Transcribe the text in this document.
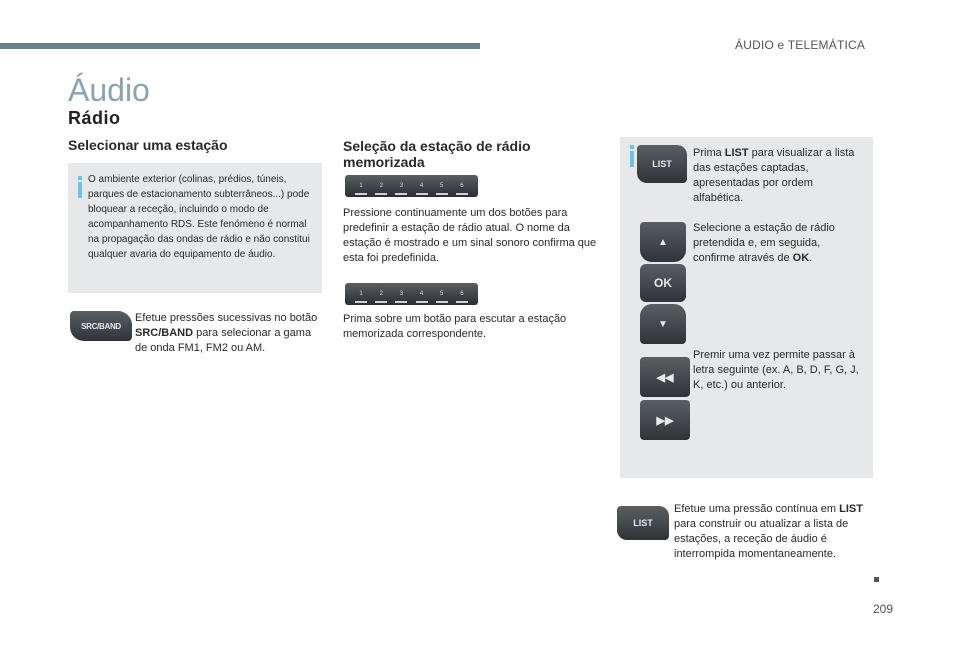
ÁUDIO e TELEMÁTICA
Áudio
Rádio
Selecionar uma estação

O ambiente exterior (colinas, prédios, túneis, parques de estacionamento subterrâneos...) pode bloquear a receção, incluindo o modo de acompanhamento RDS. Este fenómeno é normal na propagação das ondas de rádio e não constitui qualquer avaria do equipamento de áudio.

SRC/BAND

Efetue pressões sucessivas no botão SRC/BAND para selecionar a gama de onda FM1, FM2 ou AM.

Seleção da estação de rádio memorizada
1	2	3	4	5	6

Pressione continuamente um dos botões para predefinir a estação de rádio atual. O nome da estação é mostrado e um sinal sonoro confirma que esta foi predefinida.

1	2	3	4	5	6

Prima sobre um botão para escutar a estação memorizada correspondente.

LIST

Prima LIST para visualizar a lista das estações captadas, apresentadas por ordem alfabética.

▲
OK
▼

Selecione a estação de rádio pretendida e, em seguida, confirme através de OK.

◀◀
▶▶

Premir uma vez permite passar à letra seguinte (ex. A, B, D, F, G, J, K, etc.) ou anterior.

LIST

Efetue uma pressão contínua em LIST para construir ou atualizar a lista de estações, a receção de áudio é interrompida momentaneamente.

209
